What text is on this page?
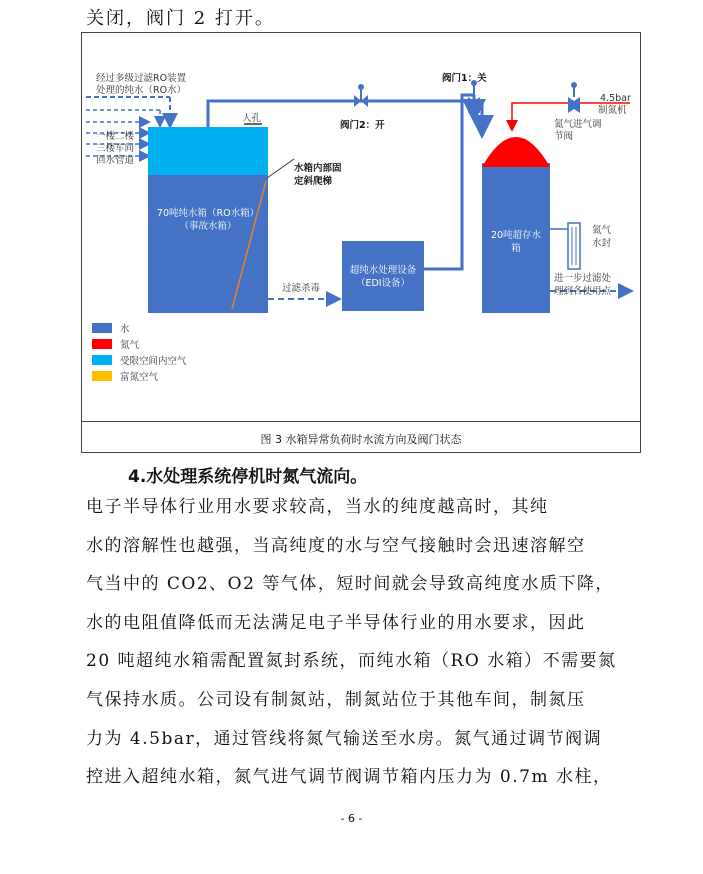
关闭，阀门 2 打开。
经过多级过滤RO装置
处理的纯水（RO水）
一楼二楼
三楼车间
回水管道
人孔
水箱内部固
定斜爬梯
70吨纯水箱（RO水箱）
（事故水箱）
过滤杀毒
超纯水处理设备
（EDI设备）
阀门2：开
阀门1：关
20吨超存水
箱
氮气进气调
节阀
4.5bar
制氮机
氮气
水封
进一步过滤处
理到各使用点
水
氮气
受限空间内空气
富氮空气
图 3 水箱异常负荷时水流方向及阀门状态
4.水处理系统停机时氮气流向。
电子半导体行业用水要求较高，当水的纯度越高时，其纯
水的溶解性也越强，当高纯度的水与空气接触时会迅速溶解空
气当中的 CO2、O2 等气体，短时间就会导致高纯度水质下降，
水的电阻值降低而无法满足电子半导体行业的用水要求，因此
20 吨超纯水箱需配置氮封系统，而纯水箱（RO 水箱）不需要氮
气保持水质。公司设有制氮站，制氮站位于其他车间，制氮压
力为 4.5bar，通过管线将氮气输送至水房。氮气通过调节阀调
控进入超纯水箱，氮气进气调节阀调节箱内压力为 0.7m 水柱，
- 6 -
